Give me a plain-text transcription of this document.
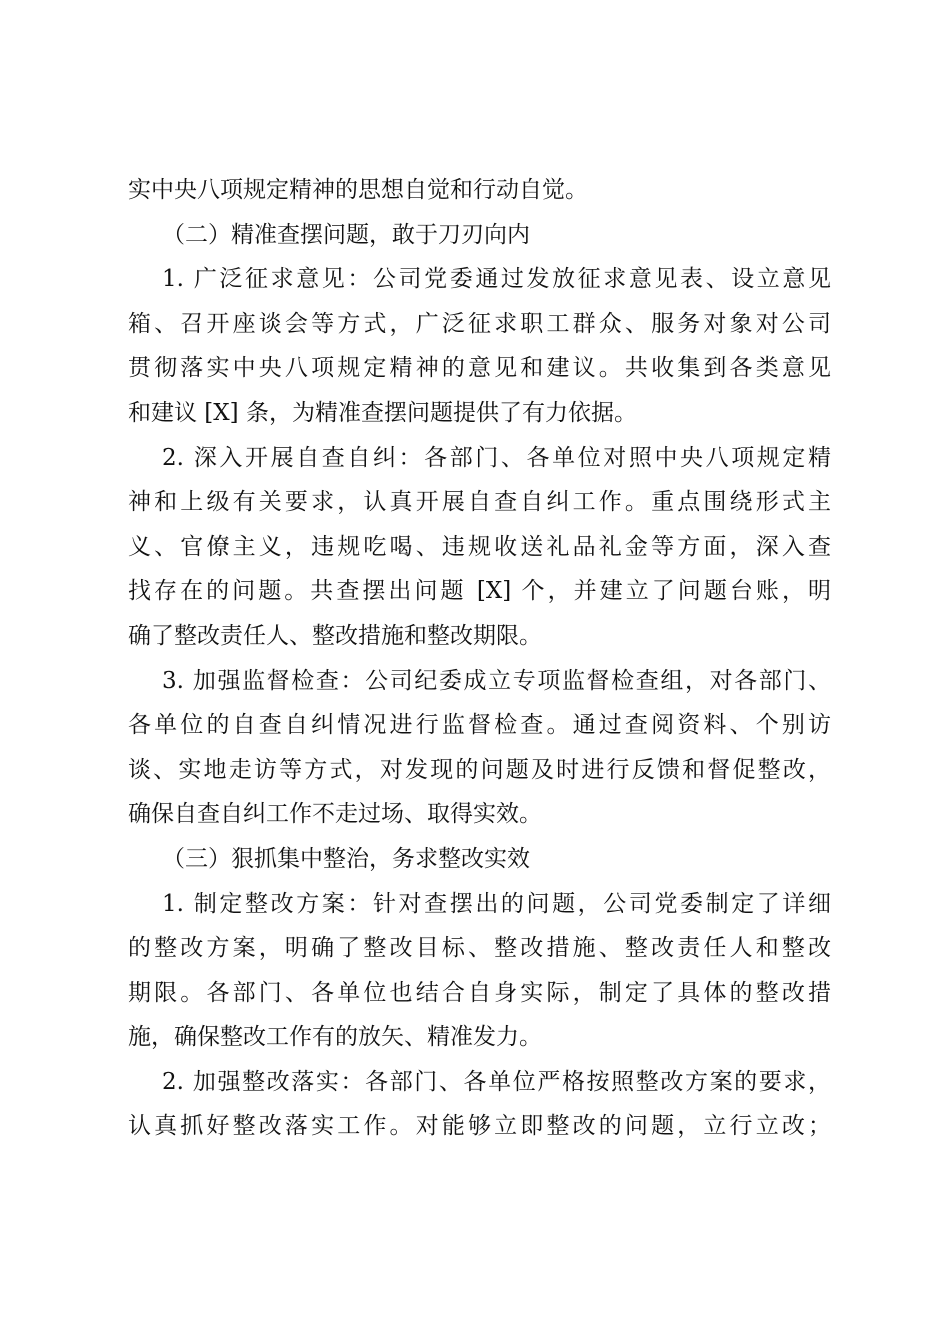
实中央八项规定精神的思想自觉和行动自觉。
（二）精准查摆问题，敢于刀刃向内
1. 广泛征求意见：公司党委通过发放征求意见表、设立意见
箱、召开座谈会等方式，广泛征求职工群众、服务对象对公司
贯彻落实中央八项规定精神的意见和建议。共收集到各类意见
和建议 [X] 条，为精准查摆问题提供了有力依据。
2. 深入开展自查自纠：各部门、各单位对照中央八项规定精
神和上级有关要求，认真开展自查自纠工作。重点围绕形式主
义、官僚主义，违规吃喝、违规收送礼品礼金等方面，深入查
找存在的问题。共查摆出问题 [X] 个，并建立了问题台账，明
确了整改责任人、整改措施和整改期限。
3. 加强监督检查：公司纪委成立专项监督检查组，对各部门、
各单位的自查自纠情况进行监督检查。通过查阅资料、个别访
谈、实地走访等方式，对发现的问题及时进行反馈和督促整改，
确保自查自纠工作不走过场、取得实效。
（三）狠抓集中整治，务求整改实效
1. 制定整改方案：针对查摆出的问题，公司党委制定了详细
的整改方案，明确了整改目标、整改措施、整改责任人和整改
期限。各部门、各单位也结合自身实际，制定了具体的整改措
施，确保整改工作有的放矢、精准发力。
2. 加强整改落实：各部门、各单位严格按照整改方案的要求，
认真抓好整改落实工作。对能够立即整改的问题，立行立改；
